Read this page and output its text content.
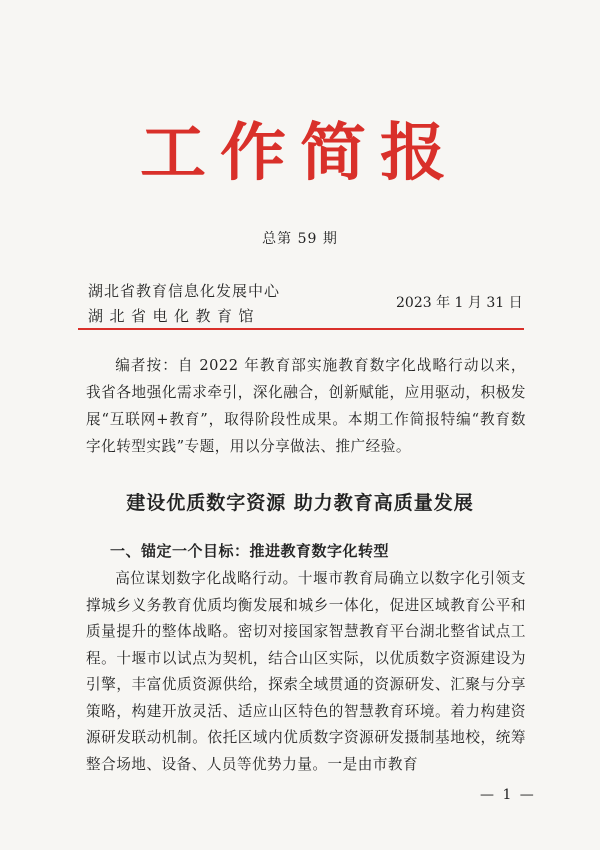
工作简报
总第 59 期
湖北省教育信息化发展中心
湖北省电化教育馆
2023 年 1 月 31 日
编者按：自 2022 年教育部实施教育数字化战略行动以来，我省各地强化需求牵引，深化融合，创新赋能，应用驱动，积极发展“互联网+教育”，取得阶段性成果。本期工作简报特编“教育数字化转型实践”专题，用以分享做法、推广经验。
建设优质数字资源 助力教育高质量发展
一、锚定一个目标：推进教育数字化转型
高位谋划数字化战略行动。十堰市教育局确立以数字化引领支撑城乡义务教育优质均衡发展和城乡一体化，促进区域教育公平和质量提升的整体战略。密切对接国家智慧教育平台湖北整省试点工程。十堰市以试点为契机，结合山区实际，以优质数字资源建设为引擎，丰富优质资源供给，探索全域贯通的资源研发、汇聚与分享策略，构建开放灵活、适应山区特色的智慧教育环境。着力构建资源研发联动机制。依托区域内优质数字资源研发摄制基地校，统筹整合场地、设备、人员等优势力量。一是由市教育
— 1 —
